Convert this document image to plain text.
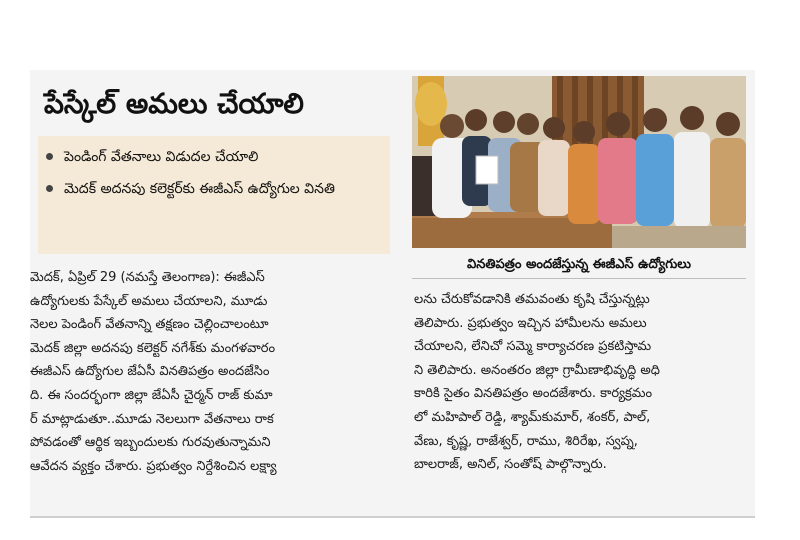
పేస్కేల్ అమలు చేయాలి
పెండింగ్ వేతనాలు విడుదల చేయాలి
మెదక్ అదనపు కలెక్టర్‌కు ఈజీఎస్ ఉద్యోగుల వినతి
వినతిపత్రం అందజేస్తున్న ఈజీఎస్ ఉద్యోగులు
మెదక్, ఏప్రిల్ 29 (నమస్తే తెలంగాణ): ఈజీఎస్
ఉద్యోగులకు పేస్కేల్ అమలు చేయాలని, మూడు
నెలల పెండింగ్ వేతనాన్ని తక్షణం చెల్లించాలంటూ
మెదక్ జిల్లా అదనపు కలెక్టర్ నగేశ్‌కు మంగళవారం
ఈజీఎస్ ఉద్యోగుల జేఏసీ వినతిపత్రం అందజేసిం
ది. ఈ సందర్భంగా జిల్లా జేఏసీ చైర్మన్ రాజ్ కుమా
ర్ మాట్లాడుతూ..మూడు నెలలుగా వేతనాలు రాక
పోవడంతో ఆర్థిక ఇబ్బందులకు గురవుతున్నామని
ఆవేదన వ్యక్తం చేశారు. ప్రభుత్వం నిర్దేశించిన లక్ష్యా
లను చేరుకోవడానికి తమవంతు కృషి చేస్తున్నట్లు
తెలిపారు. ప్రభుత్వం ఇచ్చిన హామీలను అమలు
చేయాలని, లేనిచో సమ్మె కార్యాచరణ ప్రకటిస్తామ
ని తెలిపారు. అనంతరం జిల్లా గ్రామీణాభివృద్ధి అధి
కారికి సైతం వినతిపత్రం అందజేశారు. కార్యక్రమం
లో మహిపాల్ రెడ్డి, శ్యామ్‌కుమార్, శంకర్, పాల్,
వేణు, కృష్ణ, రాజేశ్వర్, రాము, శిరిరేఖ, స్వప్న,
బాలరాజ్, అనిల్, సంతోష్ పాల్గొన్నారు.
